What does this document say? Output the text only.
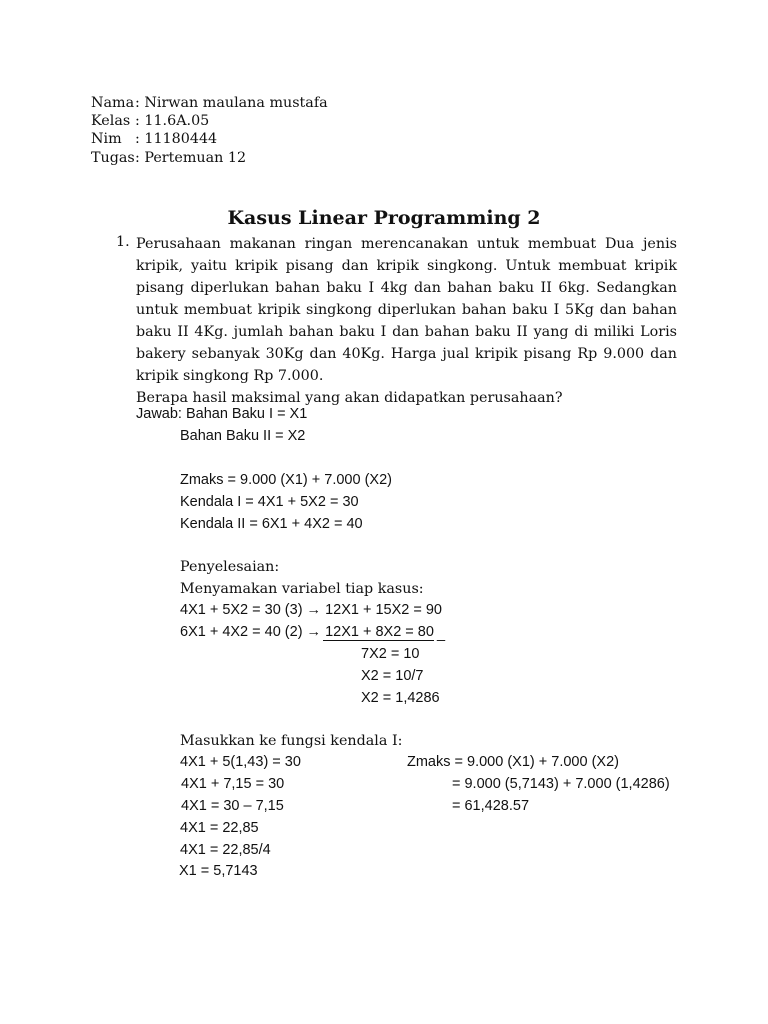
Nama : Nirwan maulana mustafa
Kelas : 11.6A.05
Nim : 11180444
Tugas : Pertemuan 12
Kasus Linear Programming 2
1. Perusahaan makanan ringan merencanakan untuk membuat Dua jenis kripik, yaitu kripik pisang dan kripik singkong. Untuk membuat kripik pisang diperlukan bahan baku I 4kg dan bahan baku II 6kg. Sedangkan untuk membuat kripik singkong diperlukan bahan baku I 5Kg dan bahan baku II 4Kg. jumlah bahan baku I dan bahan baku II yang di miliki Loris bakery sebanyak 30Kg dan 40Kg. Harga jual kripik pisang Rp 9.000 dan kripik singkong Rp 7.000.
Berapa hasil maksimal yang akan didapatkan perusahaan?
Jawab: Bahan Baku I = X1
Bahan Baku II = X2
Zmaks = 9.000 (X1) + 7.000 (X2)
Kendala I = 4X1 + 5X2 = 30
Kendala II = 6X1 + 4X2 = 40
Penyelesaian:
Menyamakan variabel tiap kasus:
4X1 + 5X2 = 30 (3) → 12X1 + 15X2 = 90
6X1 + 4X2 = 40 (2) → 12X1 + 8X2 = 80 _
7X2 = 10
X2 = 10/7
X2 = 1,4286
Masukkan ke fungsi kendala I:
4X1 + 5(1,43) = 30
4X1 + 7,15 = 30
4X1 = 30 – 7,15
4X1 = 22,85
4X1 = 22,85/4
X1 = 5,7143
Zmaks = 9.000 (X1) + 7.000 (X2)
= 9.000 (5,7143) + 7.000 (1,4286)
= 61,428.57
